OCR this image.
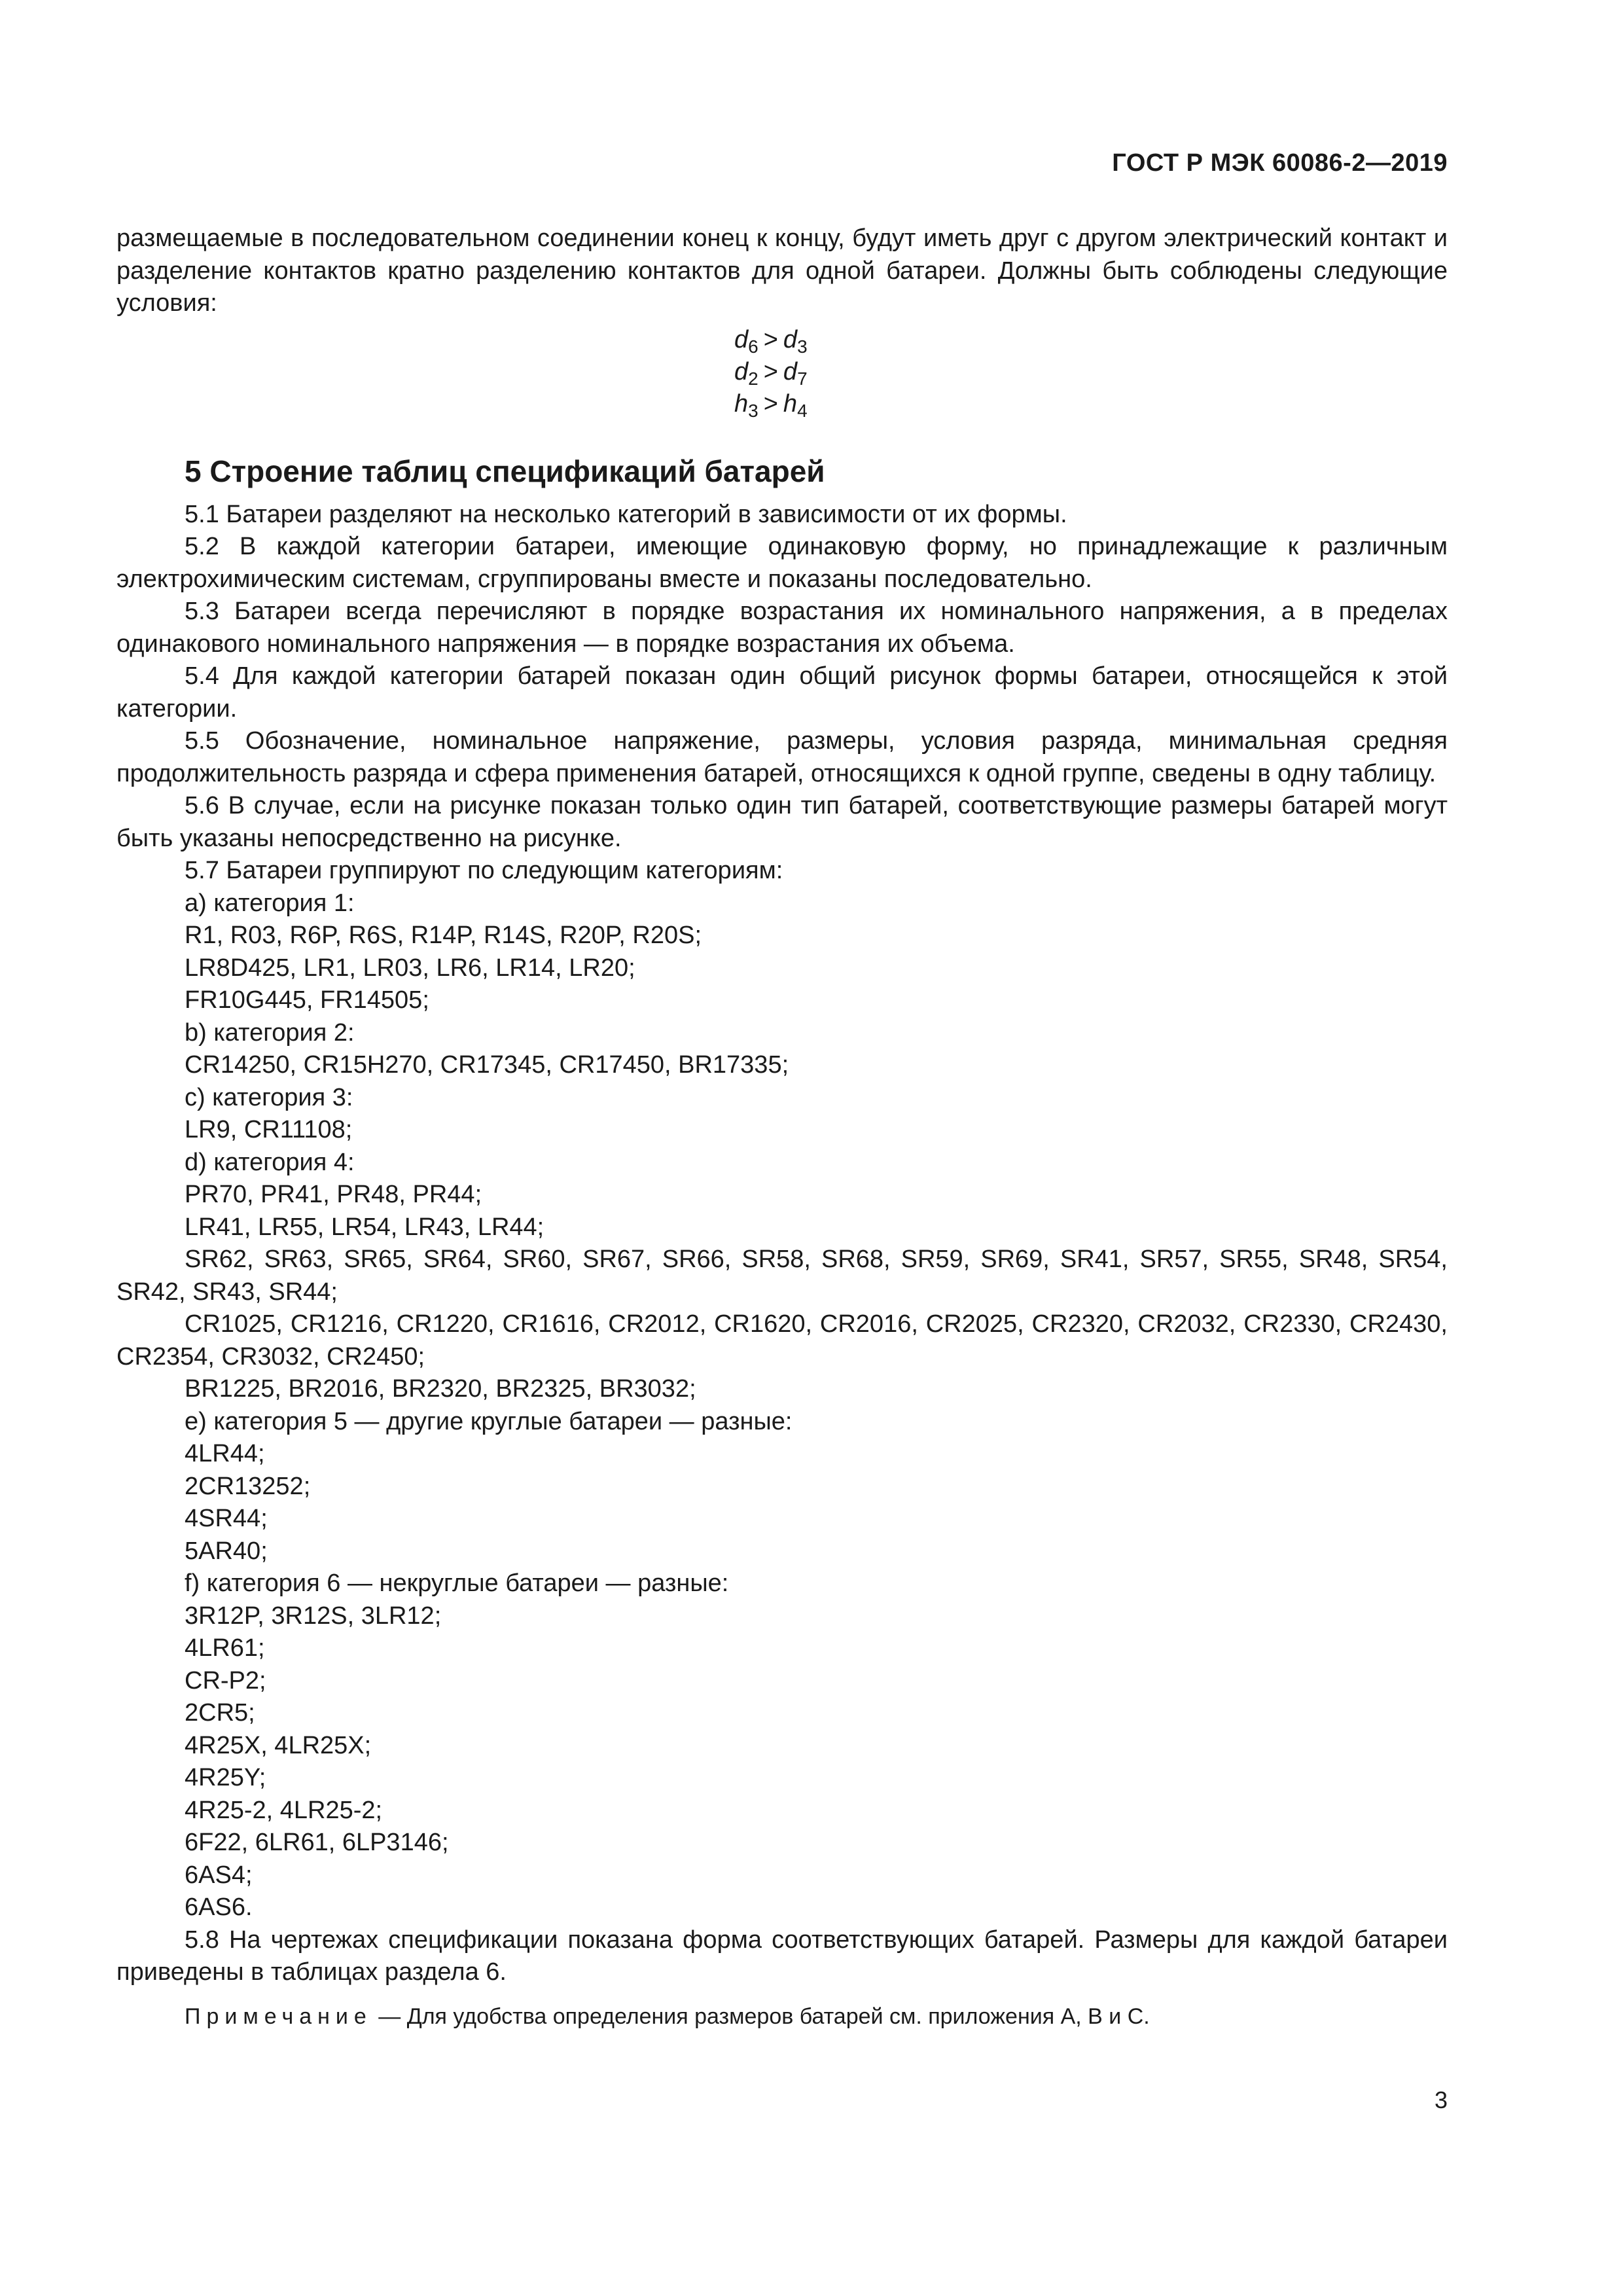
ГОСТ Р МЭК 60086-2—2019

размещаемые в последовательном соединении конец к концу, будут иметь друг с другом электрический контакт и разделение контактов кратно разделению контактов для одной батареи. Должны быть соблюдены следующие условия:

$d_6 > d_3$
$d_2 > d_7$
$h_3 > h_4$
5 Строение таблиц спецификаций батарей

5.1 Батареи разделяют на несколько категорий в зависимости от их формы.

5.2 В каждой категории батареи, имеющие одинаковую форму, но принадлежащие к различным электрохимическим системам, сгруппированы вместе и показаны последовательно.

5.3 Батареи всегда перечисляют в порядке возрастания их номинального напряжения, а в пределах одинакового номинального напряжения — в порядке возрастания их объема.

5.4 Для каждой категории батарей показан один общий рисунок формы батареи, относящейся к этой категории.

5.5 Обозначение, номинальное напряжение, размеры, условия разряда, минимальная средняя продолжительность разряда и сфера применения батарей, относящихся к одной группе, сведены в одну таблицу.

5.6 В случае, если на рисунке показан только один тип батарей, соответствующие размеры батарей могут быть указаны непосредственно на рисунке.

5.7 Батареи группируют по следующим категориям:

a) категория 1:

R1, R03, R6P, R6S, R14P, R14S, R20P, R20S;

LR8D425, LR1, LR03, LR6, LR14, LR20;

FR10G445, FR14505;

b) категория 2:

CR14250, CR15H270, CR17345, CR17450, BR17335;

c) категория 3:

LR9, CR11108;

d) категория 4:

PR70, PR41, PR48, PR44;

LR41, LR55, LR54, LR43, LR44;

SR62, SR63, SR65, SR64, SR60, SR67, SR66, SR58, SR68, SR59, SR69, SR41, SR57, SR55, SR48, SR54, SR42, SR43, SR44;

CR1025, CR1216, CR1220, CR1616, CR2012, CR1620, CR2016, CR2025, CR2320, CR2032, CR2330, CR2430, CR2354, CR3032, CR2450;

BR1225, BR2016, BR2320, BR2325, BR3032;

e) категория 5 — другие круглые батареи — разные:

4LR44;

2CR13252;

4SR44;

5AR40;

f) категория 6 — некруглые батареи — разные:

3R12P, 3R12S, 3LR12;

4LR61;

CR-P2;

2CR5;

4R25X, 4LR25X;

4R25Y;

4R25-2, 4LR25-2;

6F22, 6LR61, 6LP3146;

6AS4;

6AS6.

5.8 На чертежах спецификации показана форма соответствующих батарей. Размеры для каждой батареи приведены в таблицах раздела 6.

Примечание — Для удобства определения размеров батарей см. приложения А, В и С.

3
